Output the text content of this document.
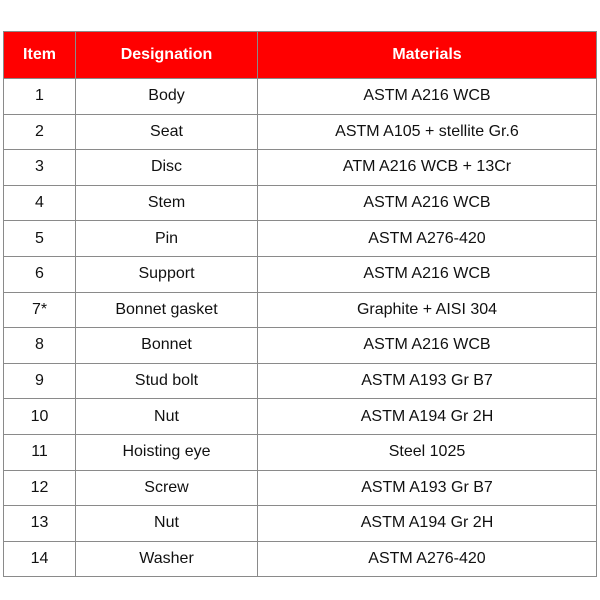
Item	Designation	Materials
1	Body	ASTM A216 WCB
2	Seat	ASTM A105 + stellite Gr.6
3	Disc	ATM A216 WCB + 13Cr
4	Stem	ASTM A216 WCB
5	Pin	ASTM A276-420
6	Support	ASTM A216 WCB
7*	Bonnet gasket	Graphite + AISI 304
8	Bonnet	ASTM A216 WCB
9	Stud bolt	ASTM A193 Gr B7
10	Nut	ASTM A194 Gr 2H
11	Hoisting eye	Steel 1025
12	Screw	ASTM A193 Gr B7
13	Nut	ASTM A194 Gr 2H
14	Washer	ASTM A276-420
